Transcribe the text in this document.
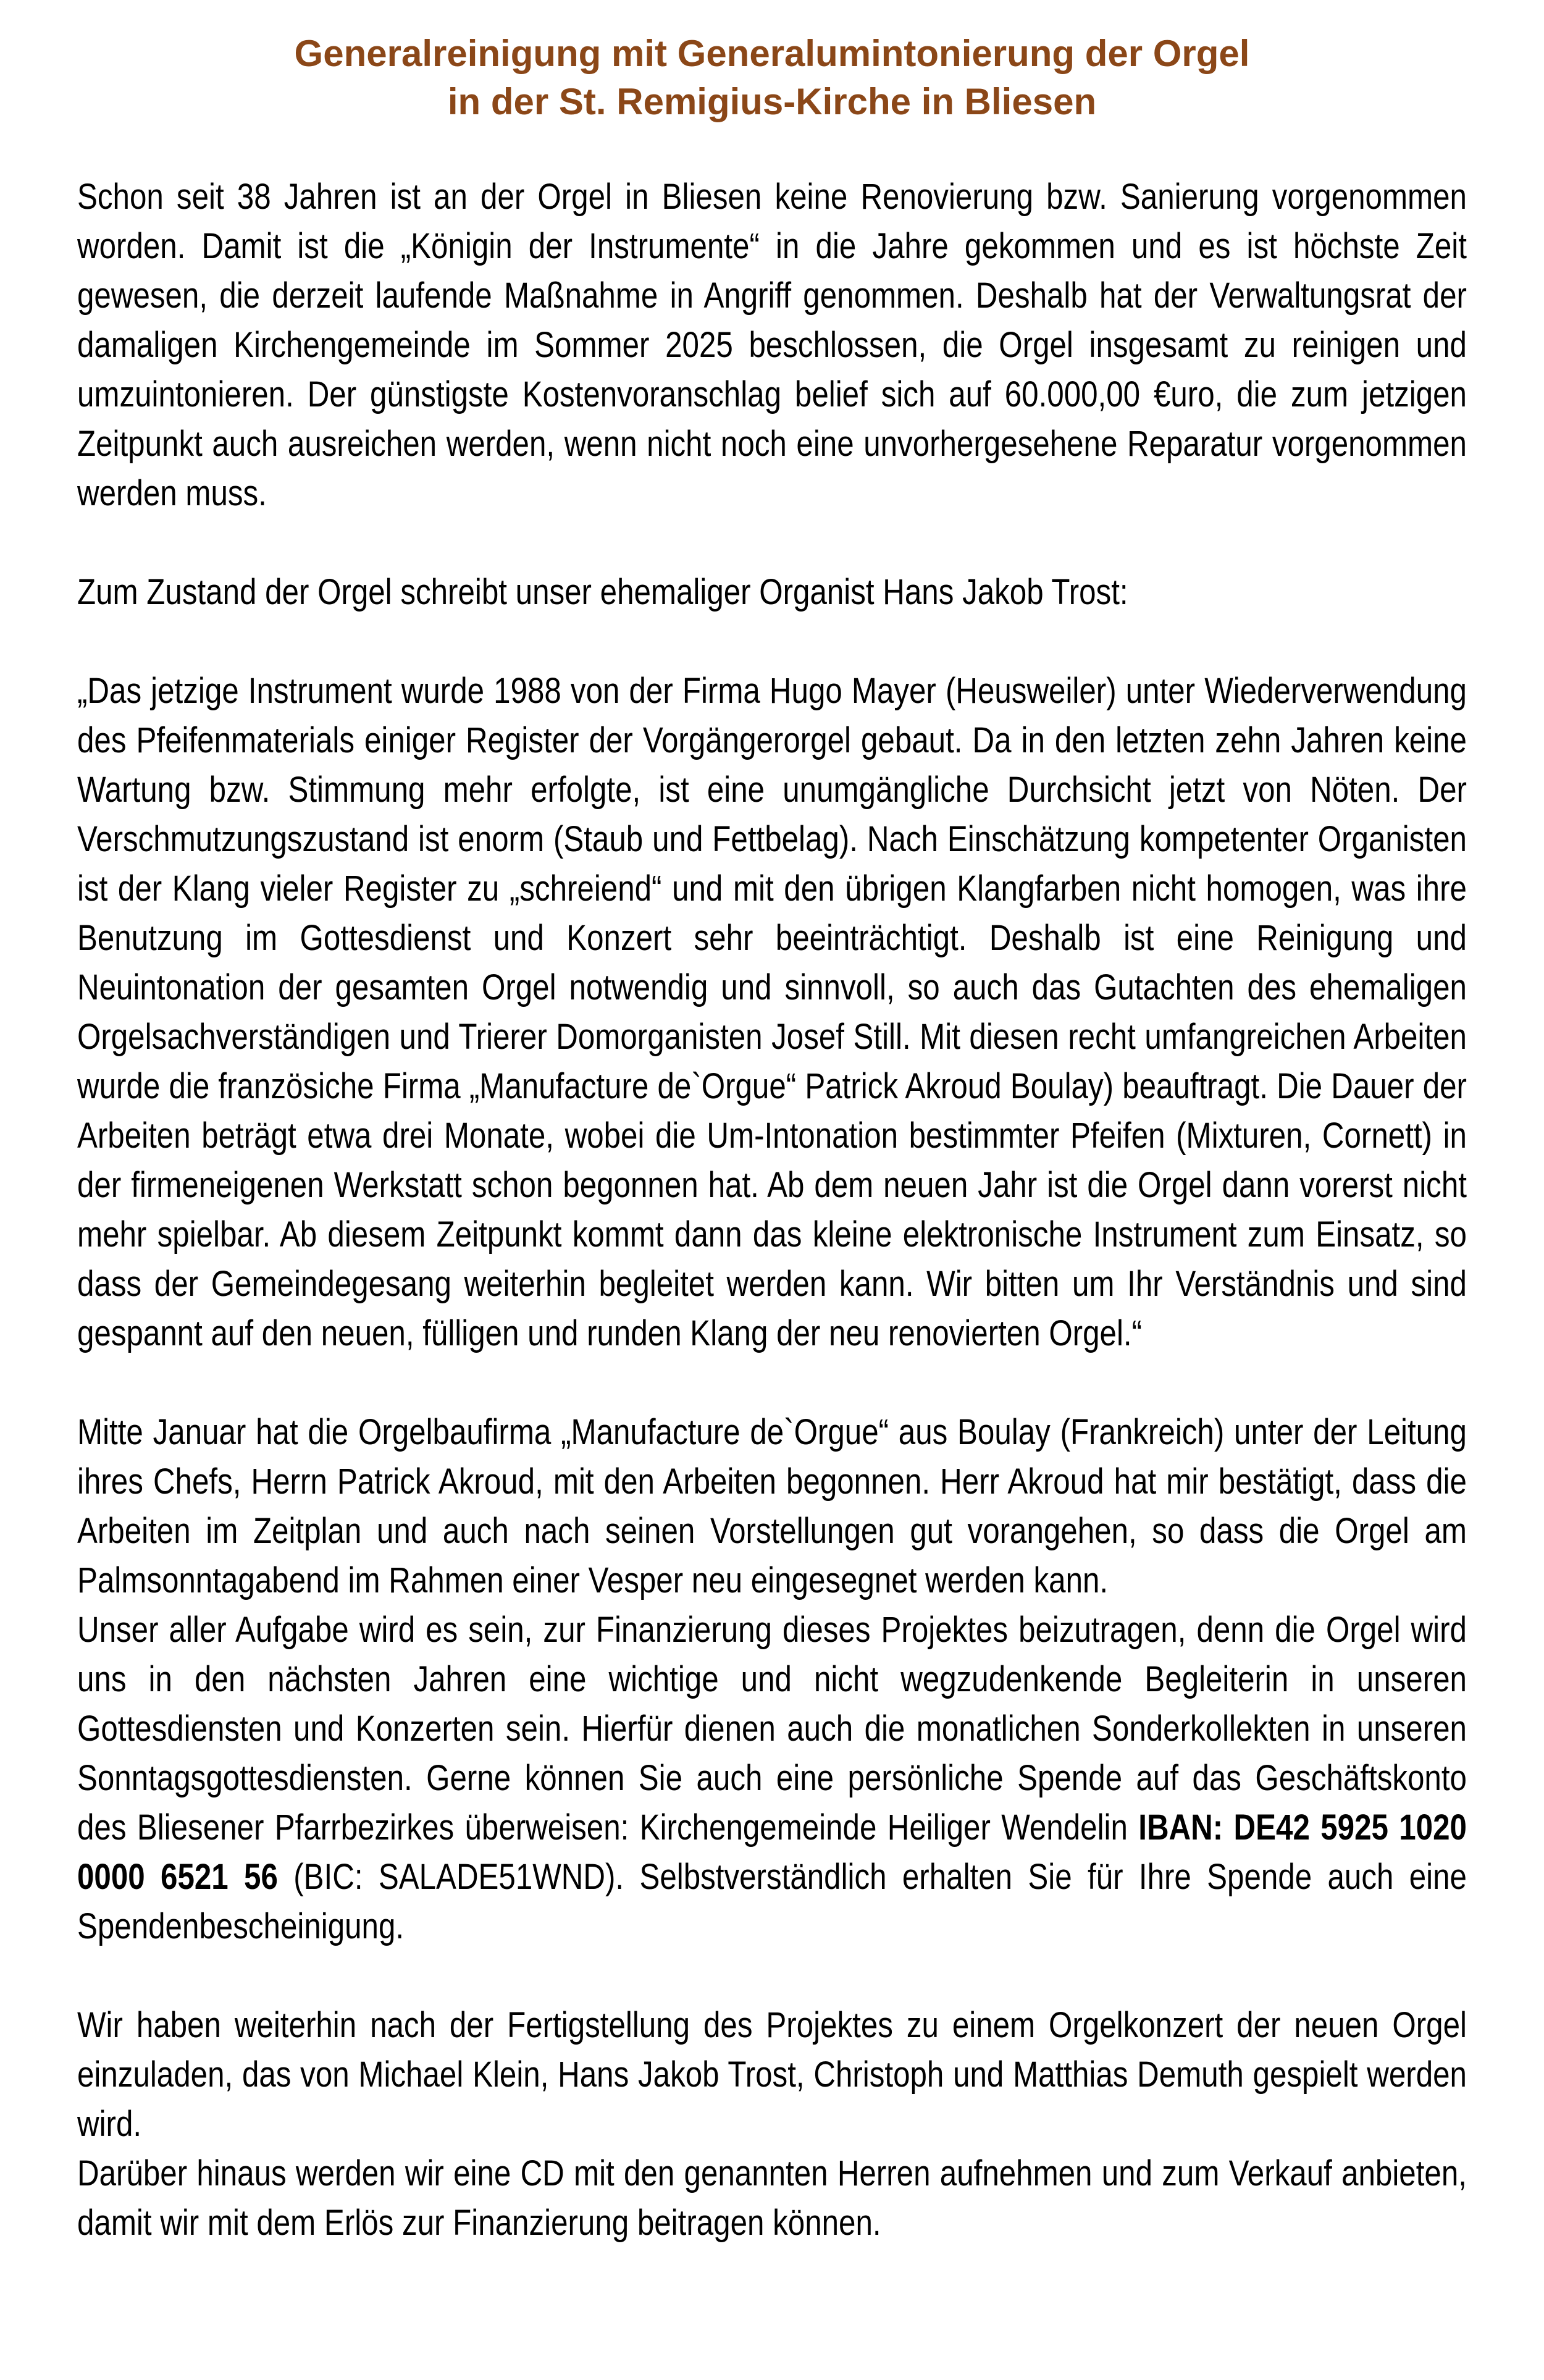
Generalreinigung mit Generalumintonierung der Orgel
in der St. Remigius-Kirche in Bliesen

Schon seit 38 Jahren ist an der Orgel in Bliesen keine Renovierung bzw. Sanierung vorgenommen worden. Damit ist die „Königin der Instrumente“ in die Jahre gekommen und es ist höchste Zeit gewesen, die derzeit laufende Maßnahme in Angriff genommen. Deshalb hat der Verwaltungsrat der damaligen Kirchengemeinde im Sommer 2025 beschlossen, die Orgel insgesamt zu reinigen und umzuintonieren. Der günstigste Kostenvoranschlag belief sich auf 60.000,00 €uro, die zum jetzigen Zeitpunkt auch ausreichen werden, wenn nicht noch eine unvorhergesehene Reparatur vorgenommen werden muss.

Zum Zustand der Orgel schreibt unser ehemaliger Organist Hans Jakob Trost:

„Das jetzige Instrument wurde 1988 von der Firma Hugo Mayer (Heusweiler) unter Wiederverwendung des Pfeifenmaterials einiger Register der Vorgängerorgel gebaut. Da in den letzten zehn Jahren keine Wartung bzw. Stimmung mehr erfolgte, ist eine unumgängliche Durchsicht jetzt von Nöten. Der Verschmutzungszustand ist enorm (Staub und Fettbelag). Nach Einschätzung kompetenter Organisten ist der Klang vieler Register zu „schreiend“ und mit den übrigen Klangfarben nicht homogen, was ihre Benutzung im Gottesdienst und Konzert sehr beeinträchtigt. Deshalb ist eine Reinigung und Neuintonation der gesamten Orgel notwendig und sinnvoll, so auch das Gutachten des ehemaligen Orgelsachverständigen und Trierer Domorganisten Josef Still. Mit diesen recht umfangreichen Arbeiten wurde die französiche Firma „Manufacture de`Orgue“ Patrick Akroud Boulay) beauftragt. Die Dauer der Arbeiten beträgt etwa drei Monate, wobei die Um-Intonation bestimmter Pfeifen (Mixturen, Cornett) in der firmeneigenen Werkstatt schon begonnen hat. Ab dem neuen Jahr ist die Orgel dann vorerst nicht mehr spielbar. Ab diesem Zeitpunkt kommt dann das kleine elektronische Instrument zum Einsatz, so dass der Gemeindegesang weiterhin begleitet werden kann. Wir bitten um Ihr Verständnis und sind gespannt auf den neuen, fülligen und runden Klang der neu renovierten Orgel.“

Mitte Januar hat die Orgelbaufirma „Manufacture de`Orgue“ aus Boulay (Frankreich) unter der Leitung ihres Chefs, Herrn Patrick Akroud, mit den Arbeiten begonnen. Herr Akroud hat mir bestätigt, dass die Arbeiten im Zeitplan und auch nach seinen Vorstellungen gut vorangehen, so dass die Orgel am Palmsonntagabend im Rahmen einer Vesper neu eingesegnet werden kann.

Unser aller Aufgabe wird es sein, zur Finanzierung dieses Projektes beizutragen, denn die Orgel wird uns in den nächsten Jahren eine wichtige und nicht wegzudenkende Begleiterin in unseren Gottesdiensten und Konzerten sein. Hierfür dienen auch die monatlichen Sonderkollekten in unseren Sonntagsgottesdiensten. Gerne können Sie auch eine persönliche Spende auf das Geschäftskonto des Bliesener Pfarrbezirkes überweisen: Kirchengemeinde Heiliger Wendelin IBAN: DE42 5925 1020 0000 6521 56 (BIC: SALADE51WND). Selbstverständlich erhalten Sie für Ihre Spende auch eine Spendenbescheinigung.

Wir haben weiterhin nach der Fertigstellung des Projektes zu einem Orgelkonzert der neuen Orgel einzuladen, das von Michael Klein, Hans Jakob Trost, Christoph und Matthias Demuth gespielt werden wird.

Darüber hinaus werden wir eine CD mit den genannten Herren aufnehmen und zum Verkauf anbieten, damit wir mit dem Erlös zur Finanzierung beitragen können.
